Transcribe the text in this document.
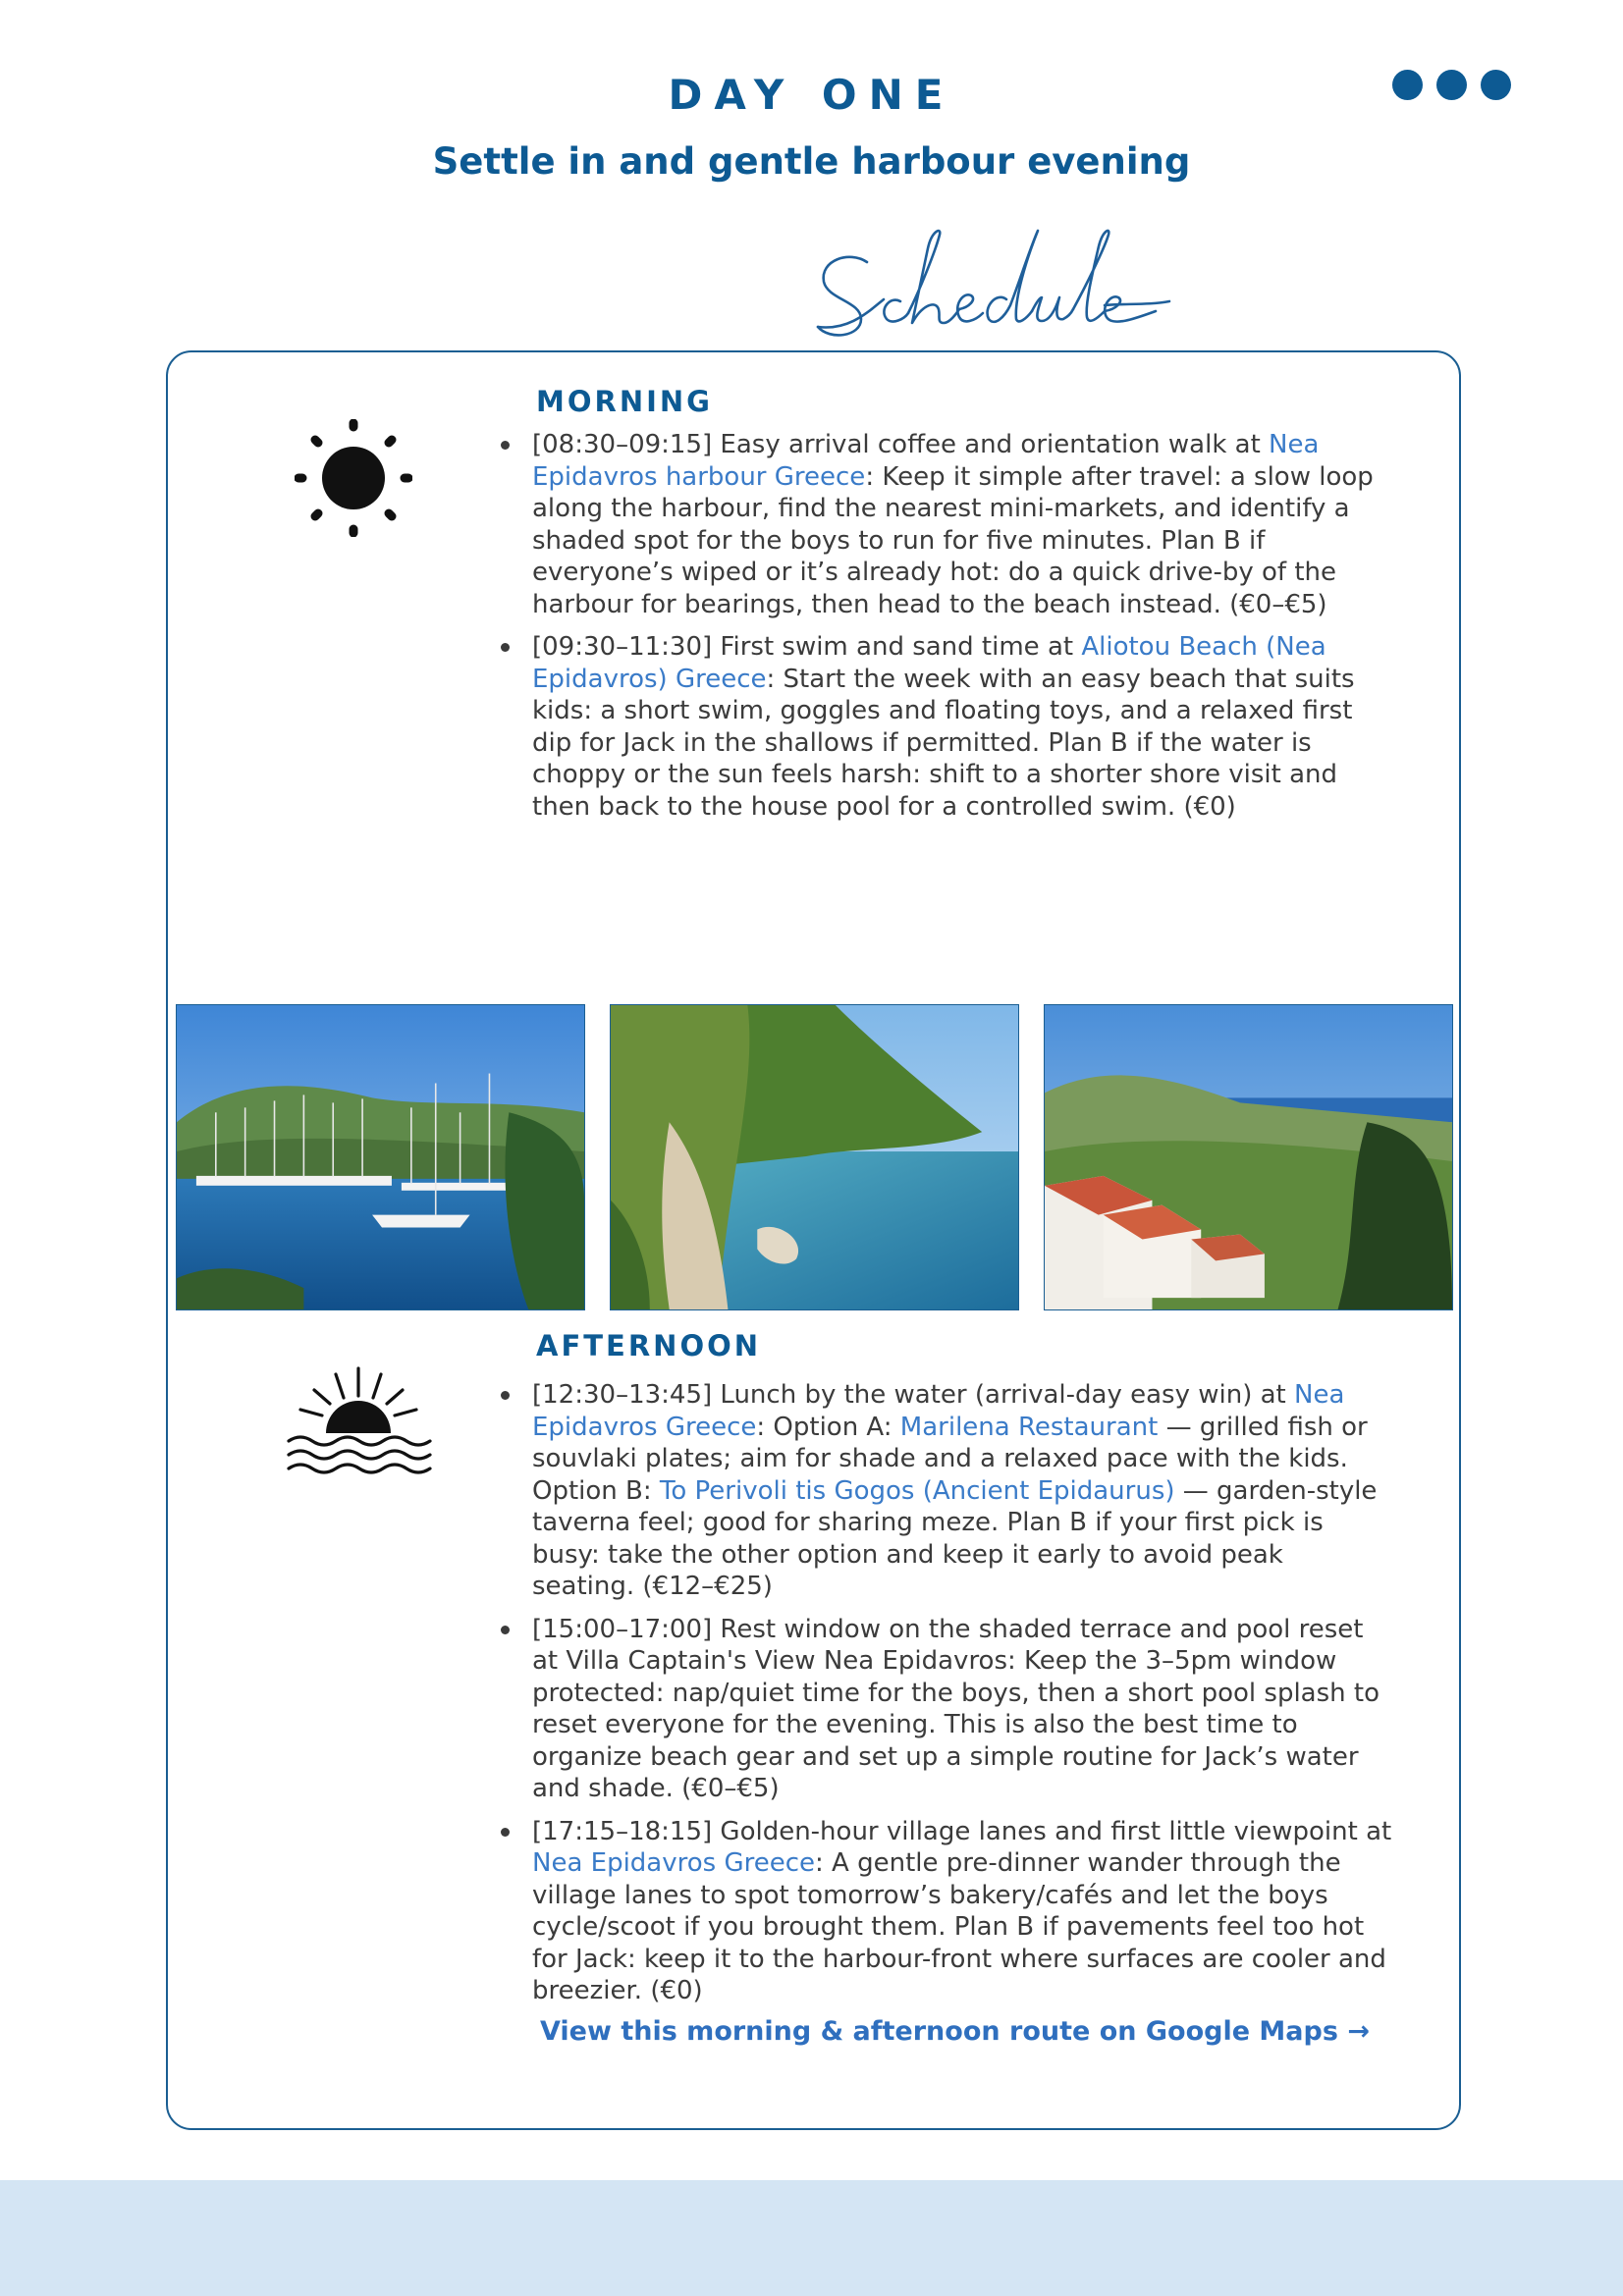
DAY ONE
Settle in and gentle harbour evening
MORNING
[08:30–09:15] Easy arrival coffee and orientation walk at Nea Epidavros harbour Greece: Keep it simple after travel: a slow loop along the harbour, find the nearest mini-markets, and identify a shaded spot for the boys to run for five minutes. Plan B if everyone’s wiped or it’s already hot: do a quick drive-by of the harbour for bearings, then head to the beach instead. (€0–€5)
[09:30–11:30] First swim and sand time at Aliotou Beach (Nea Epidavros) Greece: Start the week with an easy beach that suits kids: a short swim, goggles and floating toys, and a relaxed first dip for Jack in the shallows if permitted. Plan B if the water is choppy or the sun feels harsh: shift to a shorter shore visit and then back to the house pool for a controlled swim. (€0)
AFTERNOON
[12:30–13:45] Lunch by the water (arrival-day easy win) at Nea Epidavros Greece: Option A: Marilena Restaurant — grilled fish or souvlaki plates; aim for shade and a relaxed pace with the kids. Option B: To Perivoli tis Gogos (Ancient Epidaurus) — garden-style taverna feel; good for sharing meze. Plan B if your first pick is busy: take the other option and keep it early to avoid peak seating. (€12–€25)
[15:00–17:00] Rest window on the shaded terrace and pool reset at Villa Captain's View Nea Epidavros: Keep the 3–5pm window protected: nap/quiet time for the boys, then a short pool splash to reset everyone for the evening. This is also the best time to organize beach gear and set up a simple routine for Jack’s water and shade. (€0–€5)
[17:15–18:15] Golden-hour village lanes and first little viewpoint at Nea Epidavros Greece: A gentle pre-dinner wander through the village lanes to spot tomorrow’s bakery/cafés and let the boys cycle/scoot if you brought them. Plan B if pavements feel too hot for Jack: keep it to the harbour-front where surfaces are cooler and breezier. (€0)
View this morning & afternoon route on Google Maps →
